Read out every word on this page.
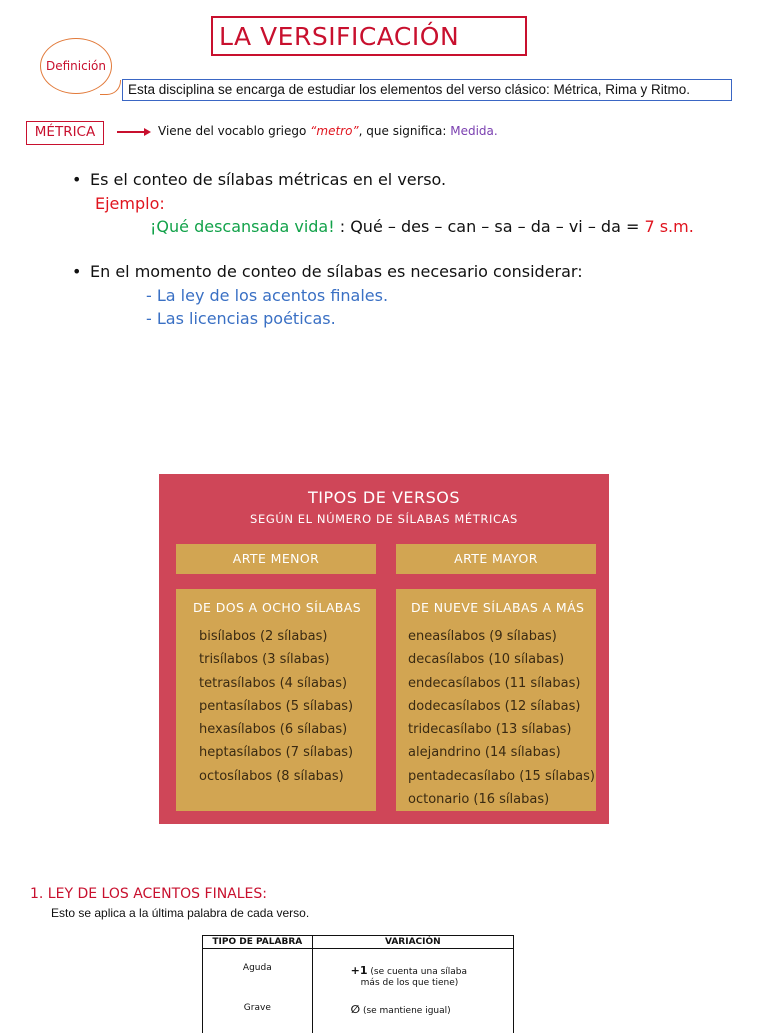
LA VERSIFICACIÓN
Definición
Esta disciplina se encarga de estudiar los elementos del verso clásico: Métrica, Rima y Ritmo.
MÉTRICA	Viene del vocablo griego “metro”, que significa: Medida.
• Es el conteo de sílabas métricas en el verso.
Ejemplo:
¡Qué descansada vida! : Qué – des – can – sa – da – vi – da = 7 s.m.
• En el momento de conteo de sílabas es necesario considerar:
- La ley de los acentos finales.
- Las licencias poéticas.
TIPOS DE VERSOS
SEGÚN EL NÚMERO DE SÍLABAS MÉTRICAS
ARTE MENOR	ARTE MAYOR
DE DOS A OCHO SÍLABAS
bisílabos (2 sílabas)
trisílabos (3 sílabas)
tetrasílabos (4 sílabas)
pentasílabos (5 sílabas)
hexasílabos (6 sílabas)
heptasílabos (7 sílabas)
octosílabos (8 sílabas)
DE NUEVE SÍLABAS A MÁS
eneasílabos (9 sílabas)
decasílabos (10 sílabas)
endecasílabos (11 sílabas)
dodecasílabos (12 sílabas)
tridecasílabo (13 sílabas)
alejandrino (14 sílabas)
pentadecasílabo (15 sílabas)
octonario (16 sílabas)
1. LEY DE LOS ACENTOS FINALES:
Esto se aplica a la última palabra de cada verso.
TIPO DE PALABRA	VARIACIÓN
Aguda	+1 (se cuenta una sílaba
más de los que tiene)
Grave	∅ (se mantiene igual)
